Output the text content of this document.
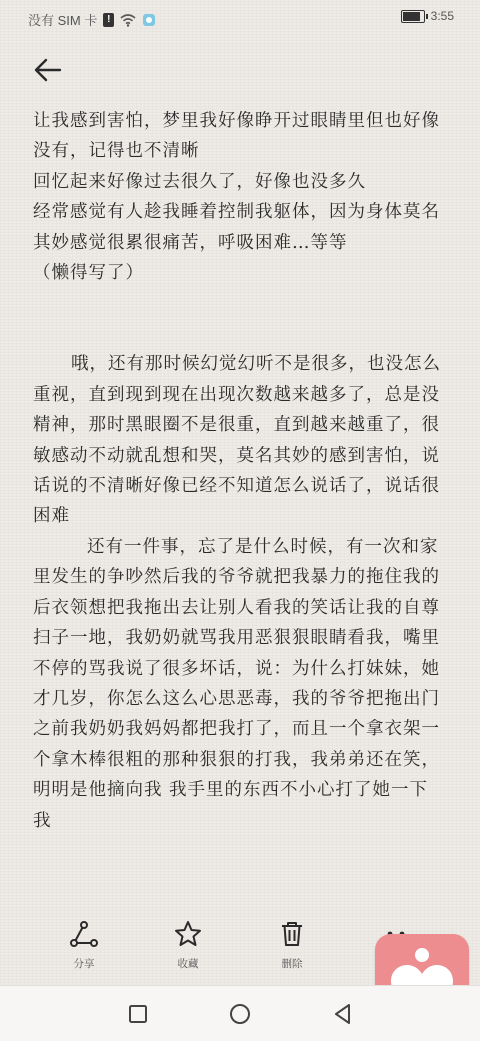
没有 SIM 卡 !	3:55

让我感到害怕，梦里我好像睁开过眼睛里但也好像没有，记得也不清晰

回忆起来好像过去很久了，好像也没多久

经常感觉有人趁我睡着控制我躯体，因为身体莫名其妙感觉很累很痛苦，呼吸困难…等等

（懒得写了）

哦，还有那时候幻觉幻听不是很多，也没怎么重视，直到现到现在出现次数越来越多了，总是没精神，那时黑眼圈不是很重，直到越来越重了，很敏感动不动就乱想和哭，莫名其妙的感到害怕，说话说的不清晰好像已经不知道怎么说话了，说话很困难

还有一件事，忘了是什么时候，有一次和家里发生的争吵然后我的爷爷就把我暴力的拖住我的后衣领想把我拖出去让别人看我的笑话让我的自尊扫子一地，我奶奶就骂我用恶狠狠眼睛看我，嘴里不停的骂我说了很多坏话，说：为什么打妹妹，她才几岁，你怎么这么心思恶毒，我的爷爷把拖出门之前我奶奶我妈妈都把我打了，而且一个拿衣架一个拿木棒很粗的那种狠狠的打我，我弟弟还在笑，明明是他摘向我 我手里的东西不小心打了她一下 我

分享	收藏	删除
